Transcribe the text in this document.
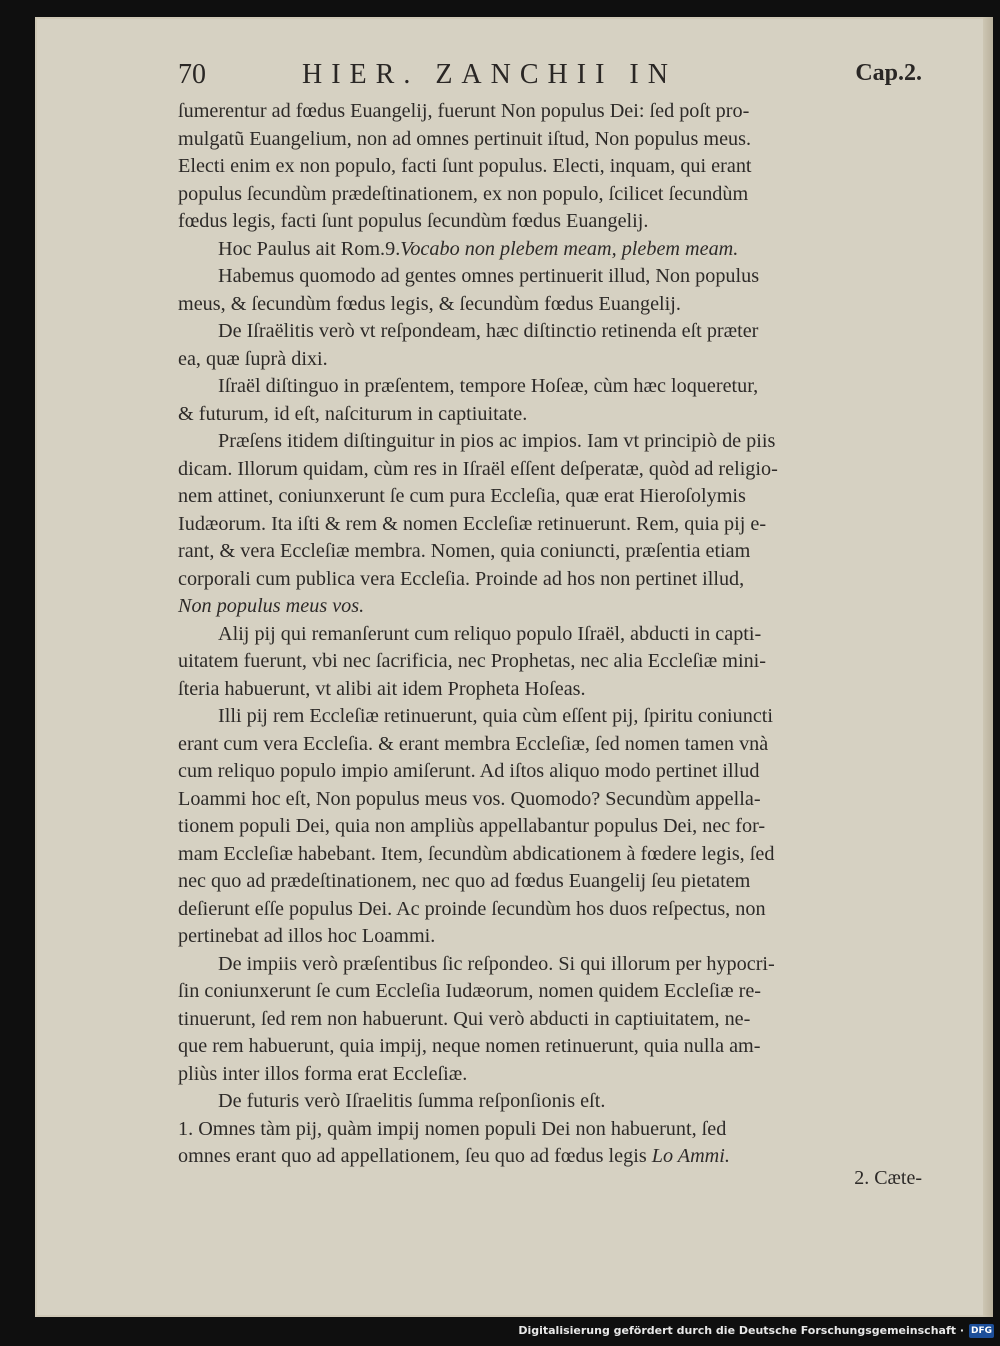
70	HIER. ZANCHII IN	Cap.2.
ſumerentur ad fœdus Euangelij, fuerunt Non populus Dei: ſed poſt pro-
mulgatũ Euangelium, non ad omnes pertinuit iſtud, Non populus meus.
Electi enim ex non populo, facti ſunt populus. Electi, inquam, qui erant
populus ſecundùm prædeſtinationem, ex non populo, ſcilicet ſecundùm
fœdus legis, facti ſunt populus ſecundùm fœdus Euangelij.
Hoc Paulus ait Rom.9.Vocabo non plebem meam, plebem meam.
Habemus quomodo ad gentes omnes pertinuerit illud, Non populus
meus, & ſecundùm fœdus legis, & ſecundùm fœdus Euangelij.
De Iſraëlitis verò vt reſpondeam, hæc diſtinctio retinenda eſt præter
ea, quæ ſuprà dixi.
Iſraël diſtinguo in præſentem, tempore Hoſeæ, cùm hæc loqueretur,
& futurum, id eſt, naſciturum in captiuitate.
Præſens itidem diſtinguitur in pios ac impios. Iam vt principiò de piis
dicam. Illorum quidam, cùm res in Iſraël eſſent deſperatæ, quòd ad religio-
nem attinet, coniunxerunt ſe cum pura Eccleſia, quæ erat Hieroſolymis
Iudæorum. Ita iſti & rem & nomen Eccleſiæ retinuerunt. Rem, quia pij e-
rant, & vera Eccleſiæ membra. Nomen, quia coniuncti, præſentia etiam
corporali cum publica vera Eccleſia. Proinde ad hos non pertinet illud,
Non populus meus vos.
Alij pij qui remanſerunt cum reliquo populo Iſraël, abducti in capti-
uitatem fuerunt, vbi nec ſacrificia, nec Prophetas, nec alia Eccleſiæ mini-
ſteria habuerunt, vt alibi ait idem Propheta Hoſeas.
Illi pij rem Eccleſiæ retinuerunt, quia cùm eſſent pij, ſpiritu coniuncti
erant cum vera Eccleſia. & erant membra Eccleſiæ, ſed nomen tamen vnà
cum reliquo populo impio amiſerunt. Ad iſtos aliquo modo pertinet illud
Loammi hoc eſt, Non populus meus vos. Quomodo? Secundùm appella-
tionem populi Dei, quia non ampliùs appellabantur populus Dei, nec for-
mam Eccleſiæ habebant. Item, ſecundùm abdicationem à fœdere legis, ſed
nec quo ad prædeſtinationem, nec quo ad fœdus Euangelij ſeu pietatem
deſierunt eſſe populus Dei. Ac proinde ſecundùm hos duos reſpectus, non
pertinebat ad illos hoc Loammi.
De impiis verò præſentibus ſic reſpondeo. Si qui illorum per hypocri-
ſin coniunxerunt ſe cum Eccleſia Iudæorum, nomen quidem Eccleſiæ re-
tinuerunt, ſed rem non habuerunt. Qui verò abducti in captiuitatem, ne-
que rem habuerunt, quia impij, neque nomen retinuerunt, quia nulla am-
pliùs inter illos forma erat Eccleſiæ.
De futuris verò Iſraelitis ſumma reſponſionis eſt.
1. Omnes tàm pij, quàm impij nomen populi Dei non habuerunt, ſed
omnes erant quo ad appellationem, ſeu quo ad fœdus legis Lo Ammi.
2. Cæte-
Digitalisierung gefördert durch die Deutsche Forschungsgemeinschaft · DFG
